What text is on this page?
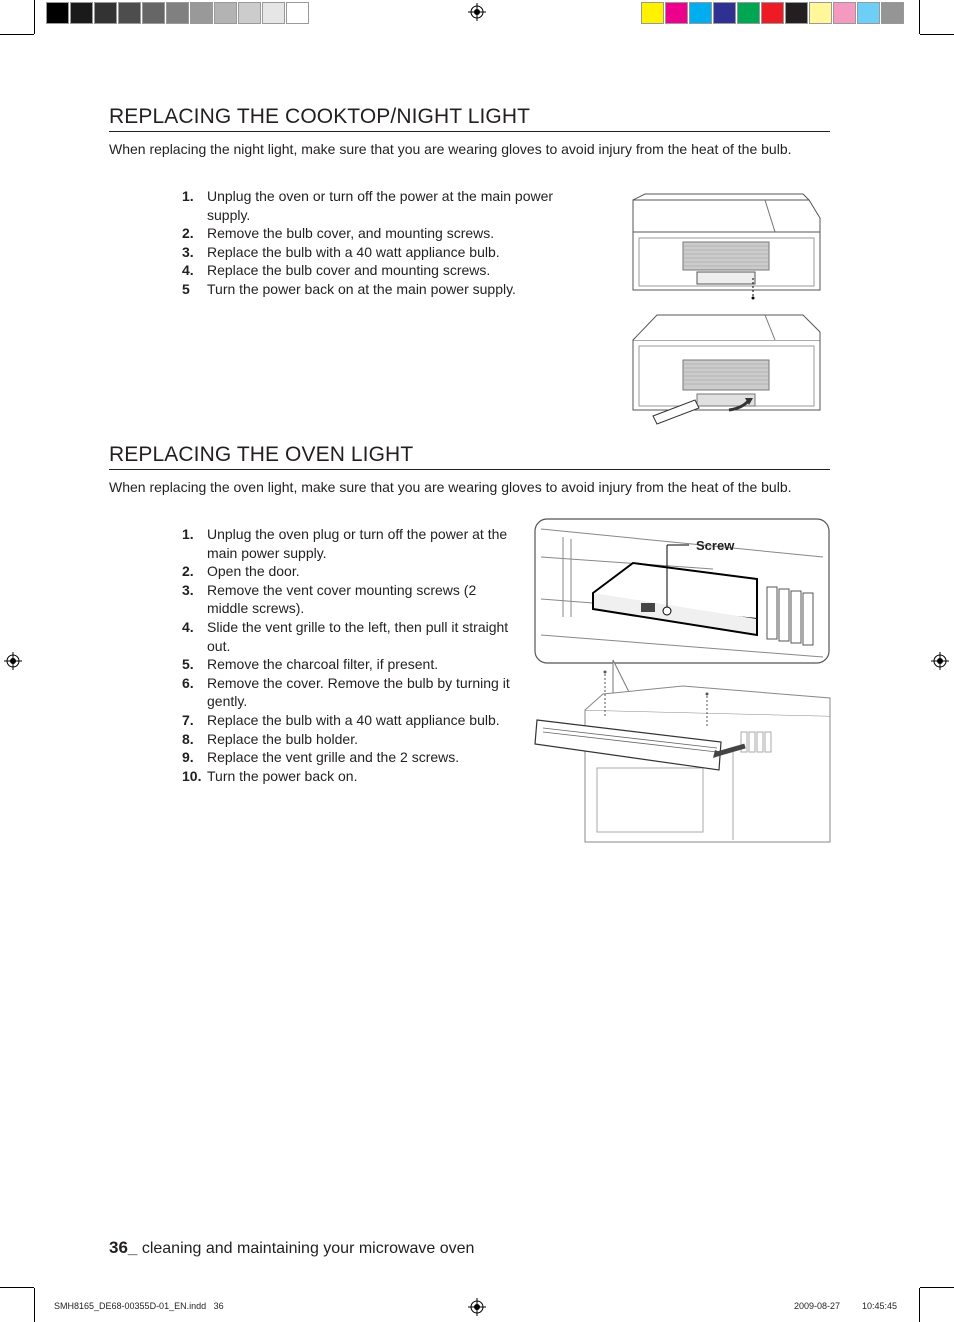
REPLACING THE COOKTOP/NIGHT LIGHT

When replacing the night light, make sure that you are wearing gloves to avoid injury from the heat of the bulb.

1. Unplug the oven or turn off the power at the main power supply.
2. Remove the bulb cover, and mounting screws.
3. Replace the bulb with a 40 watt appliance bulb.
4. Replace the bulb cover and mounting screws.
5 Turn the power back on at the main power supply.
REPLACING THE OVEN LIGHT

When replacing the oven light, make sure that you are wearing gloves to avoid injury from the heat of the bulb.

1. Unplug the oven plug or turn off the power at the main power supply.
2. Open the door.
3. Remove the vent cover mounting screws (2 middle screws).
4. Slide the vent grille to the left, then pull it straight out.
5. Remove the charcoal filter, if present.
6. Remove the cover. Remove the bulb by turning it gently.
7. Replace the bulb with a 40 watt appliance bulb.
8. Replace the bulb holder.
9. Replace the vent grille and the 2 screws.
10. Turn the power back on.
Screw
36_ cleaning and maintaining your microwave oven
SMH8165_DE68-00355D-01_EN.indd   36	2009-08-27 10:45:45
